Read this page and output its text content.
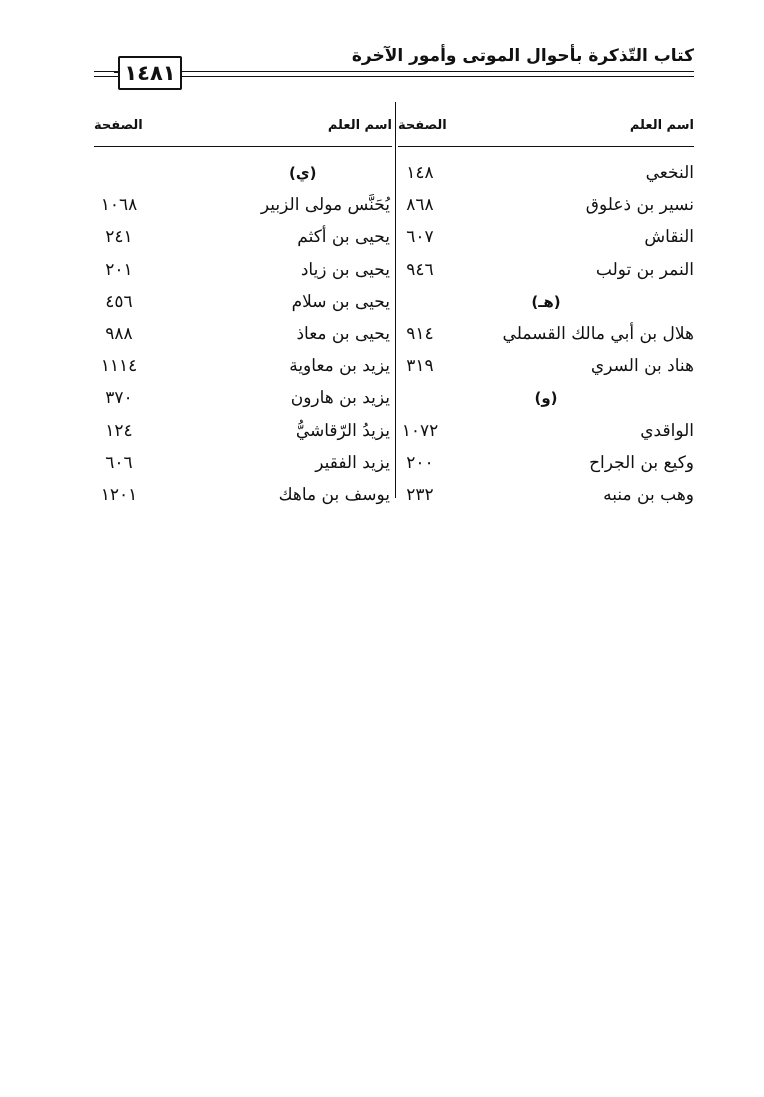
كتاب التّذكرة بأحوال الموتى وأمور الآخرة
١٤٨١
اسم العلم
الصفحة
النخعي
١٤٨
نسير بن ذعلوق
٨٦٨
النقاش
٦٠٧
النمر بن تولب
٩٤٦
(هـ)
هلال بن أبي مالك القسملي
٩١٤
هناد بن السري
٣١٩
(و)
الواقدي
١٠٧٢
وكيع بن الجراح
٢٠٠
وهب بن منبه
٢٣٢
اسم العلم
الصفحة
(ي)
يُحَنَّس مولى الزبير
١٠٦٨
يحيى بن أكثم
٢٤١
يحيى بن زياد
٢٠١
يحيى بن سلام
٤٥٦
يحيى بن معاذ
٩٨٨
يزيد بن معاوية
١١١٤
يزيد بن هارون
٣٧٠
يزيدُ الرّقاشيُّ
١٢٤
يزيد الفقير
٦٠٦
يوسف بن ماهك
١٢٠١
